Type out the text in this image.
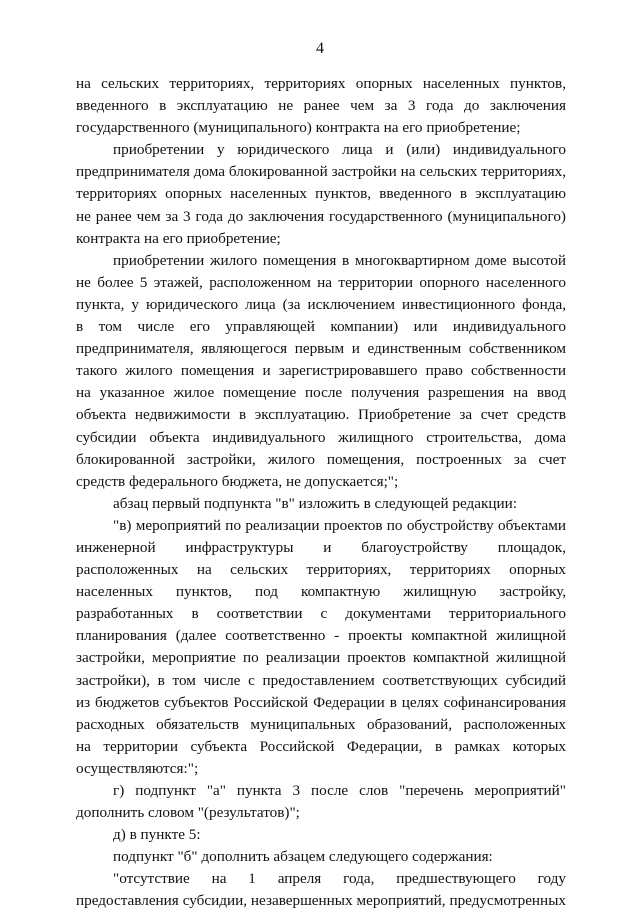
4
на сельских территориях, территориях опорных населенных пунктов,
введенного в эксплуатацию не ранее чем за 3 года до заключения
государственного (муниципального) контракта на его приобретение;
приобретении у юридического лица и (или) индивидуального
предпринимателя дома блокированной застройки на сельских территориях,
территориях опорных населенных пунктов, введенного в эксплуатацию
не ранее чем за 3 года до заключения государственного (муниципального)
контракта на его приобретение;
приобретении жилого помещения в многоквартирном доме высотой
не более 5 этажей, расположенном на территории опорного населенного
пункта, у юридического лица (за исключением инвестиционного фонда,
в том числе его управляющей компании) или индивидуального
предпринимателя, являющегося первым и единственным собственником
такого жилого помещения и зарегистрировавшего право собственности
на указанное жилое помещение после получения разрешения на ввод
объекта недвижимости в эксплуатацию. Приобретение за счет средств
субсидии объекта индивидуального жилищного строительства, дома
блокированной застройки, жилого помещения, построенных за счет
средств федерального бюджета, не допускается;";
абзац первый подпункта "в" изложить в следующей редакции:
"в) мероприятий по реализации проектов по обустройству объектами
инженерной инфраструктуры и благоустройству площадок,
расположенных на сельских территориях, территориях опорных
населенных пунктов, под компактную жилищную застройку,
разработанных в соответствии с документами территориального
планирования (далее соответственно - проекты компактной жилищной
застройки, мероприятие по реализации проектов компактной жилищной
застройки), в том числе с предоставлением соответствующих субсидий
из бюджетов субъектов Российской Федерации в целях софинансирования
расходных обязательств муниципальных образований, расположенных
на территории субъекта Российской Федерации, в рамках которых
осуществляются:";
г) подпункт "а" пункта 3 после слов "перечень мероприятий"
дополнить словом "(результатов)";
д) в пункте 5:
подпункт "б" дополнить абзацем следующего содержания:
"отсутствие на 1 апреля года, предшествующего году
предоставления субсидии, незавершенных мероприятий, предусмотренных
